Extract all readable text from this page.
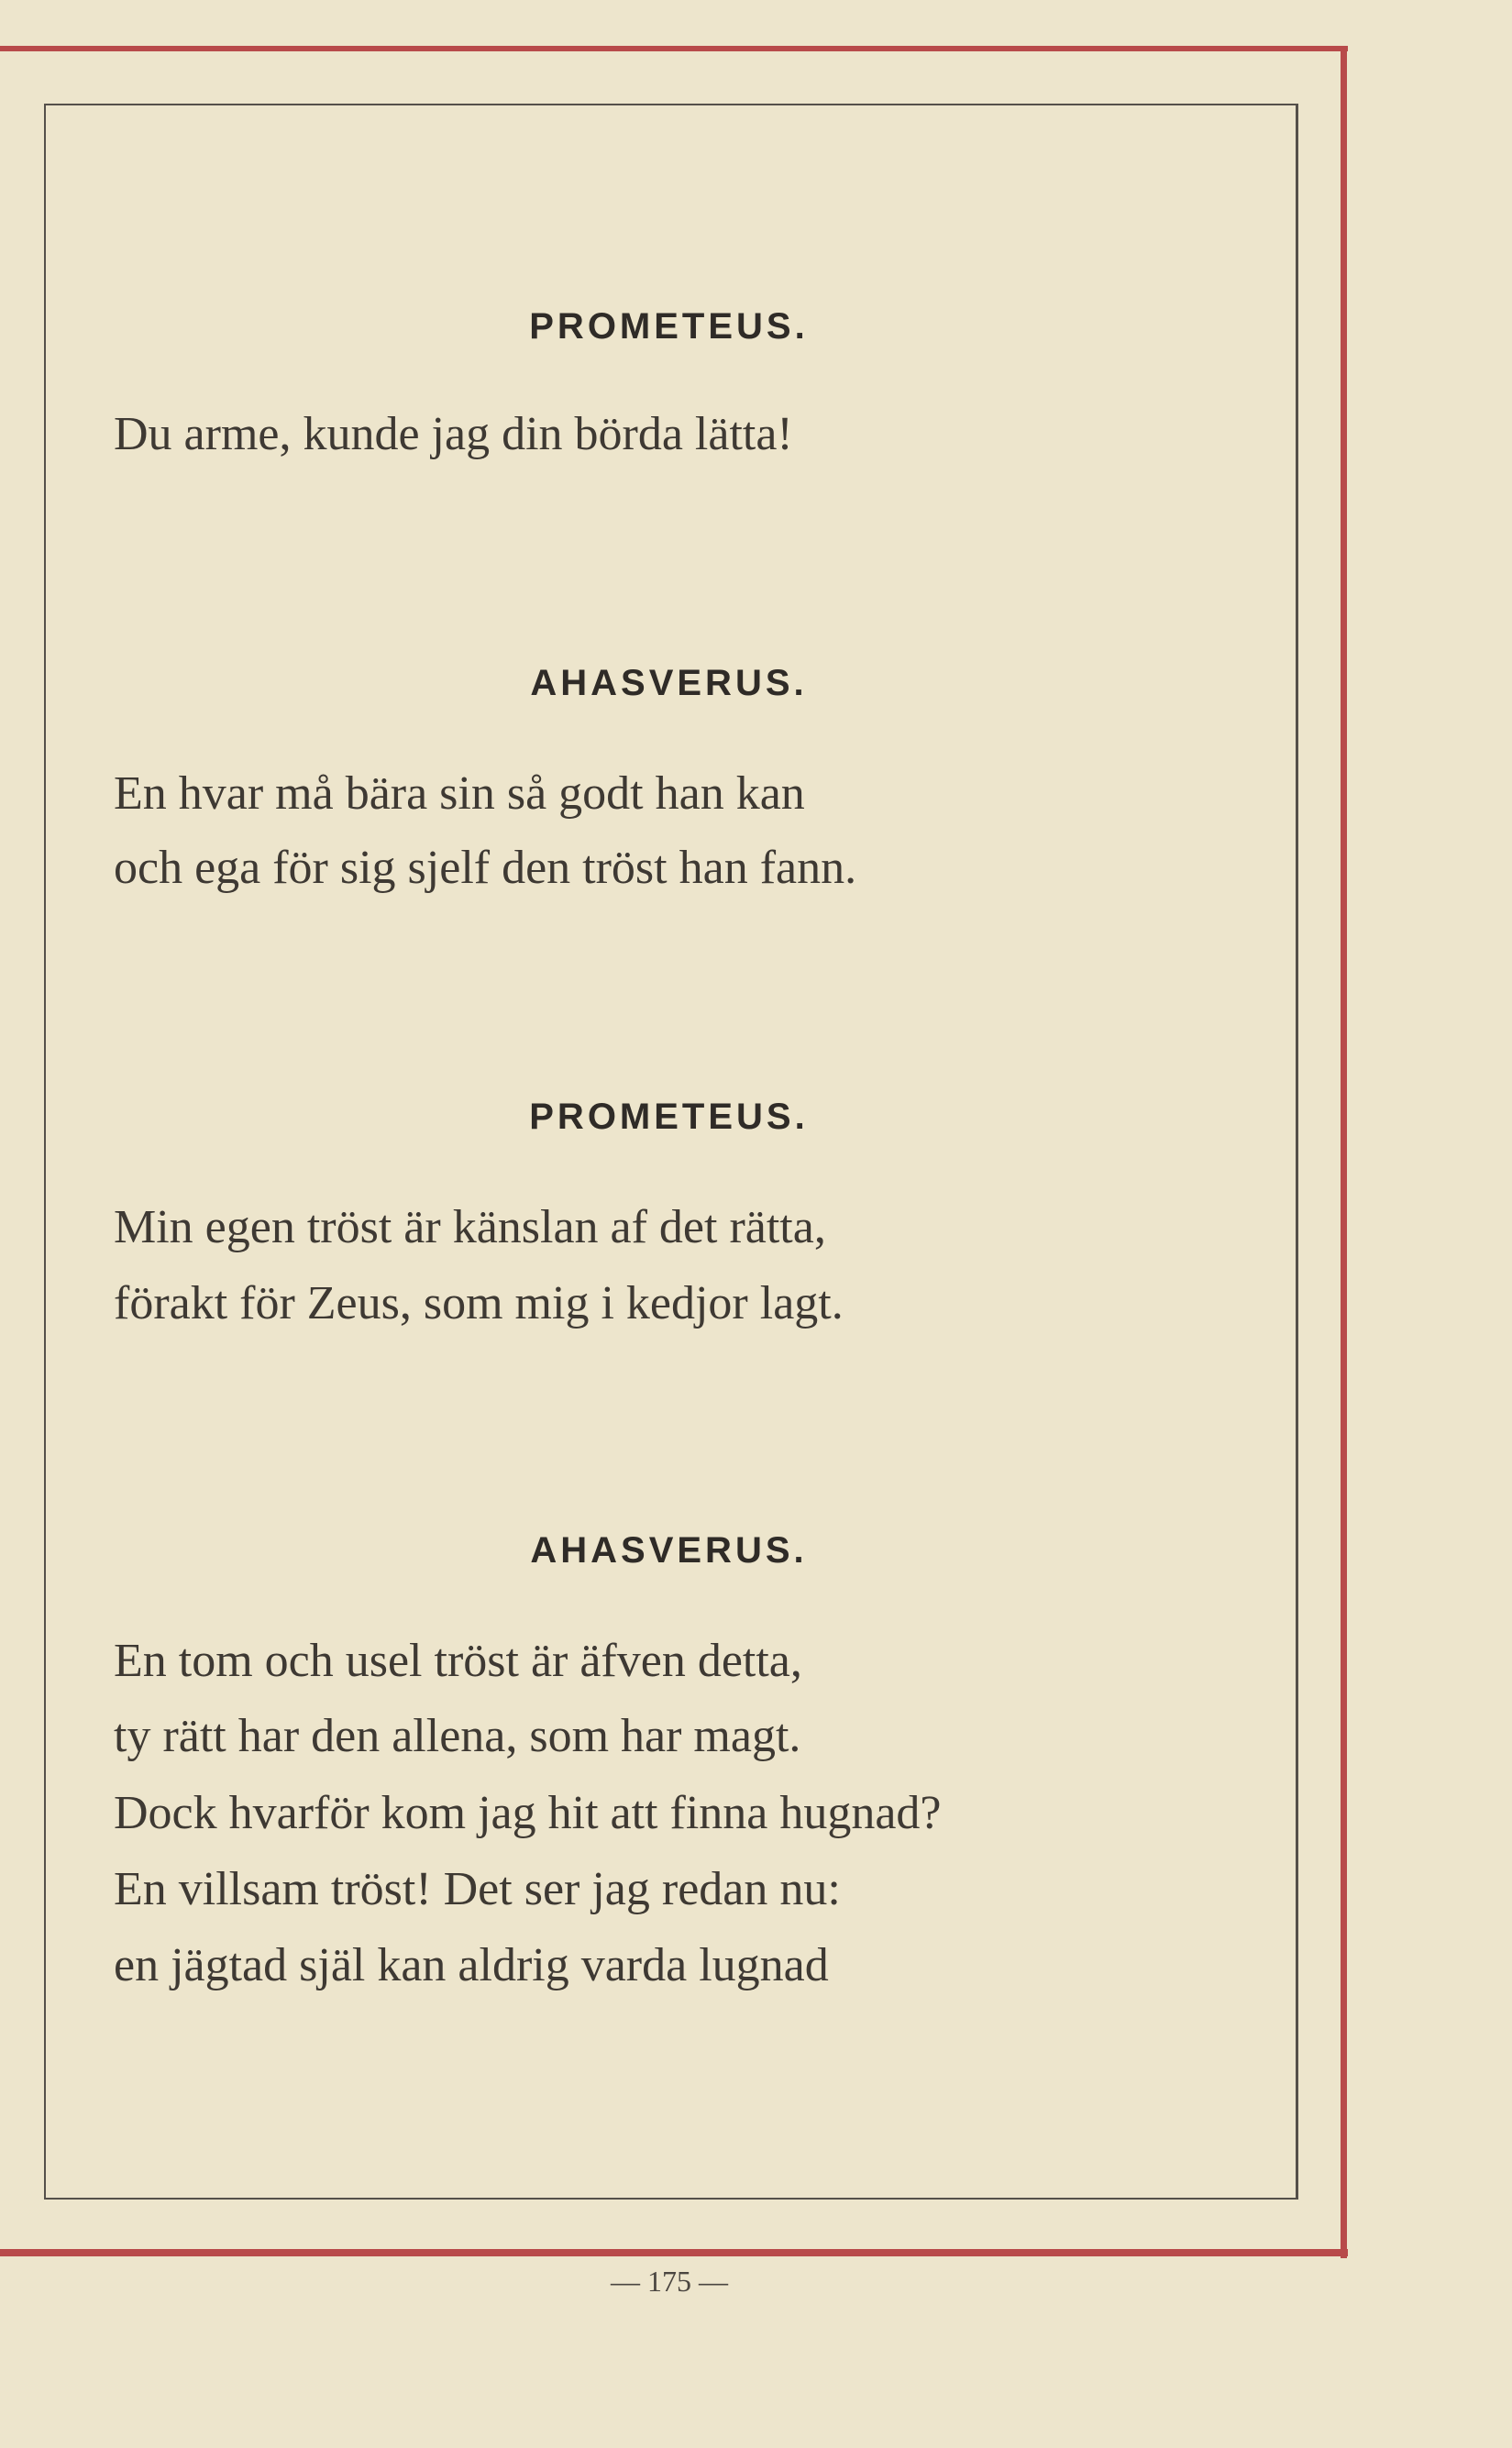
PROMETEUS.

Du arme, kunde jag din börda lätta!

AHASVERUS.

En hvar må bära sin så godt han kan

och ega för sig sjelf den tröst han fann.

PROMETEUS.

Min egen tröst är känslan af det rätta,

förakt för Zeus, som mig i kedjor lagt.

AHASVERUS.

En tom och usel tröst är äfven detta,

ty rätt har den allena, som har magt.

Dock hvarför kom jag hit att finna hugnad?

En villsam tröst! Det ser jag redan nu:

en jägtad själ kan aldrig varda lugnad

— 175 —
